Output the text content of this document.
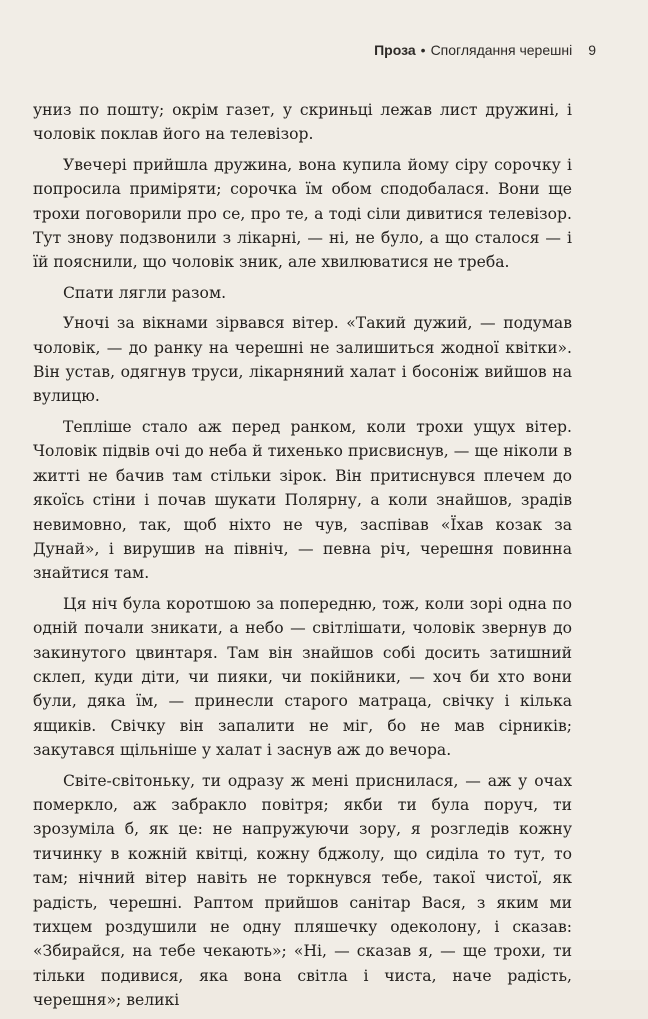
Проза • Споглядання черешні 9

униз по пошту; окрім газет, у скриньці лежав лист дружині, і чоловік поклав його на телевізор.

Увечері прийшла дружина, вона купила йому сіру сорочку і попросила приміряти; сорочка їм обом сподобалася. Вони ще трохи поговорили про се, про те, а тоді сіли дивитися телевізор. Тут знову подзвонили з лікарні, — ні, не було, а що сталося — і їй пояснили, що чоловік зник, але хвилюватися не треба.

Спати лягли разом.

Уночі за вікнами зірвався вітер. «Такий дужий, — подумав чоловік, — до ранку на черешні не залишиться жодної квітки». Він устав, одягнув труси, лікарняний халат і босоніж вийшов на вулицю.

Тепліше стало аж перед ранком, коли трохи ущух вітер. Чоловік підвів очі до неба й тихенько присвиснув, — ще ніколи в житті не бачив там стільки зірок. Він притиснувся плечем до якоїсь стіни і почав шукати Полярну, а коли знайшов, зрадів невимовно, так, щоб ніхто не чув, заспівав «Їхав козак за Дунай», і вирушив на північ, — певна річ, черешня повинна знайтися там.

Ця ніч була коротшою за попередню, тож, коли зорі одна по одній почали зникати, а небо — світлішати, чоловік звернув до закинутого цвинтаря. Там він знайшов собі досить затишний склеп, куди діти, чи пияки, чи покійники, — хоч би хто вони були, дяка їм, — принесли старого матраца, свічку і кілька ящиків. Свічку він запалити не міг, бо не мав сірників; закутався щільніше у халат і заснув аж до вечора.

Світе-світоньку, ти одразу ж мені приснилася, — аж у очах померкло, аж забракло повітря; якби ти була поруч, ти зрозуміла б, як це: не напружуючи зору, я розгледів кожну тичинку в кожній квітці, кожну бджолу, що сиділа то тут, то там; нічний вітер навіть не торкнувся тебе, такої чистої, як радість, черешні. Раптом прийшов санітар Вася, з яким ми тихцем роздушили не одну пляшечку одеколону, і сказав: «Збирайся, на тебе чекають»; «Ні, — сказав я, — ще трохи, ти тільки подивися, яка вона світла і чиста, наче радість, черешня»; великі
